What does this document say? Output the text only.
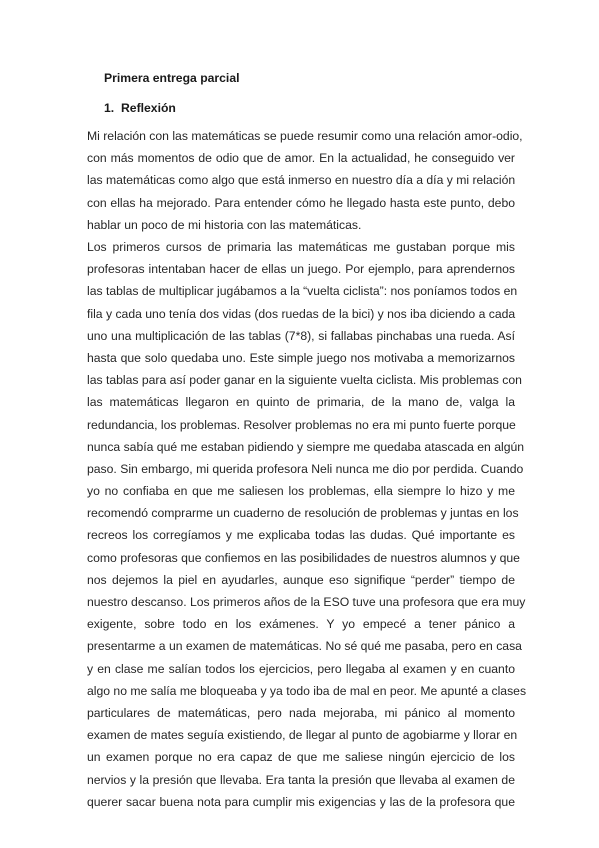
Primera entrega parcial
1. Reflexión
Mi relación con las matemáticas se puede resumir como una relación amor-odio,
con más momentos de odio que de amor. En la actualidad, he conseguido ver
las matemáticas como algo que está inmerso en nuestro día a día y mi relación
con ellas ha mejorado. Para entender cómo he llegado hasta este punto, debo
hablar un poco de mi historia con las matemáticas.
Los primeros cursos de primaria las matemáticas me gustaban porque mis
profesoras intentaban hacer de ellas un juego. Por ejemplo, para aprendernos
las tablas de multiplicar jugábamos a la “vuelta ciclista”: nos poníamos todos en
fila y cada uno tenía dos vidas (dos ruedas de la bici) y nos iba diciendo a cada
uno una multiplicación de las tablas (7*8), si fallabas pinchabas una rueda. Así
hasta que solo quedaba uno. Este simple juego nos motivaba a memorizarnos
las tablas para así poder ganar en la siguiente vuelta ciclista. Mis problemas con
las matemáticas llegaron en quinto de primaria, de la mano de, valga la
redundancia, los problemas. Resolver problemas no era mi punto fuerte porque
nunca sabía qué me estaban pidiendo y siempre me quedaba atascada en algún
paso. Sin embargo, mi querida profesora Neli nunca me dio por perdida. Cuando
yo no confiaba en que me saliesen los problemas, ella siempre lo hizo y me
recomendó comprarme un cuaderno de resolución de problemas y juntas en los
recreos los corregíamos y me explicaba todas las dudas. Qué importante es
como profesoras que confiemos en las posibilidades de nuestros alumnos y que
nos dejemos la piel en ayudarles, aunque eso signifique “perder” tiempo de
nuestro descanso. Los primeros años de la ESO tuve una profesora que era muy
exigente, sobre todo en los exámenes. Y yo empecé a tener pánico a
presentarme a un examen de matemáticas. No sé qué me pasaba, pero en casa
y en clase me salían todos los ejercicios, pero llegaba al examen y en cuanto
algo no me salía me bloqueaba y ya todo iba de mal en peor. Me apunté a clases
particulares de matemáticas, pero nada mejoraba, mi pánico al momento
examen de mates seguía existiendo, de llegar al punto de agobiarme y llorar en
un examen porque no era capaz de que me saliese ningún ejercicio de los
nervios y la presión que llevaba. Era tanta la presión que llevaba al examen de
querer sacar buena nota para cumplir mis exigencias y las de la profesora que
